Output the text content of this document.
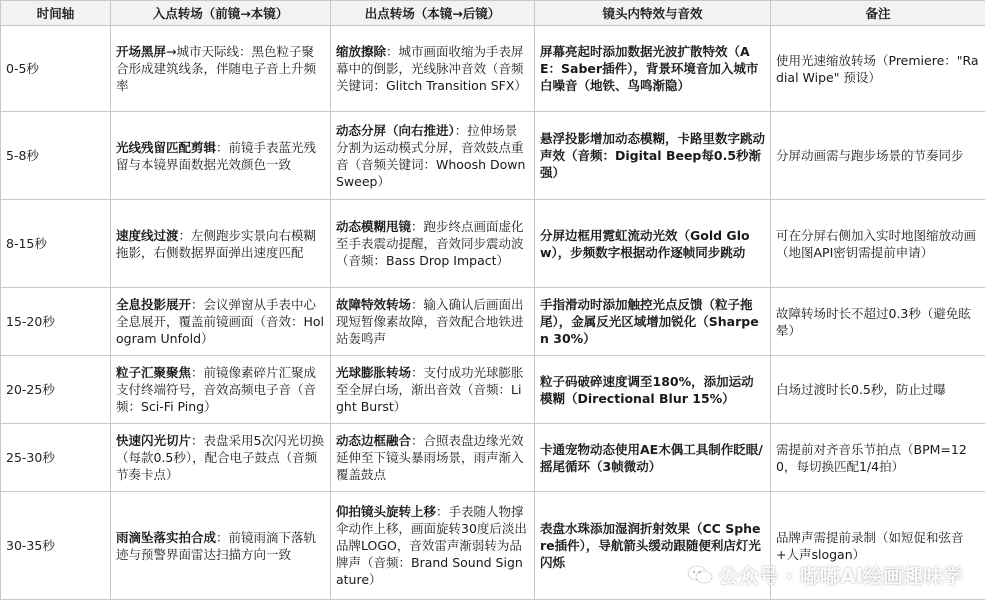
时间轴	入点转场（前镜→本镜）	出点转场（本镜→后镜）	镜头内特效与音效	备注
0-5秒	开场黑屏→城市天际线：黑色粒子聚合形成建筑线条，伴随电子音上升频率	缩放擦除：城市画面收缩为手表屏幕中的倒影，光线脉冲音效（音频关键词：Glitch Transition SFX）	屏幕亮起时添加数据光波扩散特效（AE：Saber插件），背景环境音加入城市白噪音（地铁、鸟鸣渐隐）	使用光速缩放转场（Premiere："Radial Wipe" 预设）
5-8秒	光线残留匹配剪辑：前镜手表蓝光残留与本镜界面数据光效颜色一致	动态分屏（向右推进）：拉伸场景分割为运动模式分屏，音效鼓点重音（音频关键词：Whoosh Down Sweep）	悬浮投影增加动态模糊，卡路里数字跳动声效（音频：Digital Beep每0.5秒渐强）	分屏动画需与跑步场景的节奏同步
8-15秒	速度线过渡：左侧跑步实景向右模糊拖影，右侧数据界面弹出速度匹配	动态模糊甩镜：跑步终点画面虚化至手表震动提醒，音效同步震动波（音频：Bass Drop Impact）	分屏边框用霓虹流动光效（Gold Glow），步频数字根据动作逐帧同步跳动	可在分屏右侧加入实时地图缩放动画（地图API密钥需提前申请）
15-20秒	全息投影展开：会议弹窗从手表中心全息展开，覆盖前镜画面（音效：Hologram Unfold）	故障特效转场：输入确认后画面出现短暂像素故障，音效配合地铁进站轰鸣声	手指滑动时添加触控光点反馈（粒子拖尾），金属反光区域增加锐化（Sharpen 30%）	故障转场时长不超过0.3秒（避免眩晕）
20-25秒	粒子汇聚聚焦：前镜像素碎片汇聚成支付终端符号，音效高频电子音（音频：Sci-Fi Ping）	光球膨胀转场：支付成功光球膨胀至全屏白场，渐出音效（音频：Light Burst）	粒子码破碎速度调至180%，添加运动模糊（Directional Blur 15%）	白场过渡时长0.5秒，防止过曝
25-30秒	快速闪光切片：表盘采用5次闪光切换（每款0.5秒），配合电子鼓点（音频节奏卡点）	动态边框融合：合照表盘边缘光效延伸至下镜头暴雨场景，雨声渐入覆盖鼓点	卡通宠物动态使用AE木偶工具制作眨眼/摇尾循环（3帧微动）	需提前对齐音乐节拍点（BPM=120，每切换匹配1/4拍）
30-35秒	雨滴坠落实拍合成：前镜雨滴下落轨迹与预警界面雷达扫描方向一致	仰拍镜头旋转上移：手表随人物撑伞动作上移，画面旋转30度后淡出品牌LOGO，音效雷声渐弱转为品牌声（音频：Brand Sound Signature）	表盘水珠添加湿润折射效果（CC Sphere插件），导航箭头缓动跟随便利店灯光闪烁	品牌声需提前录制（如短促和弦音+人声slogan）
公众号 · 嘟嘟AI绘画趣味学
